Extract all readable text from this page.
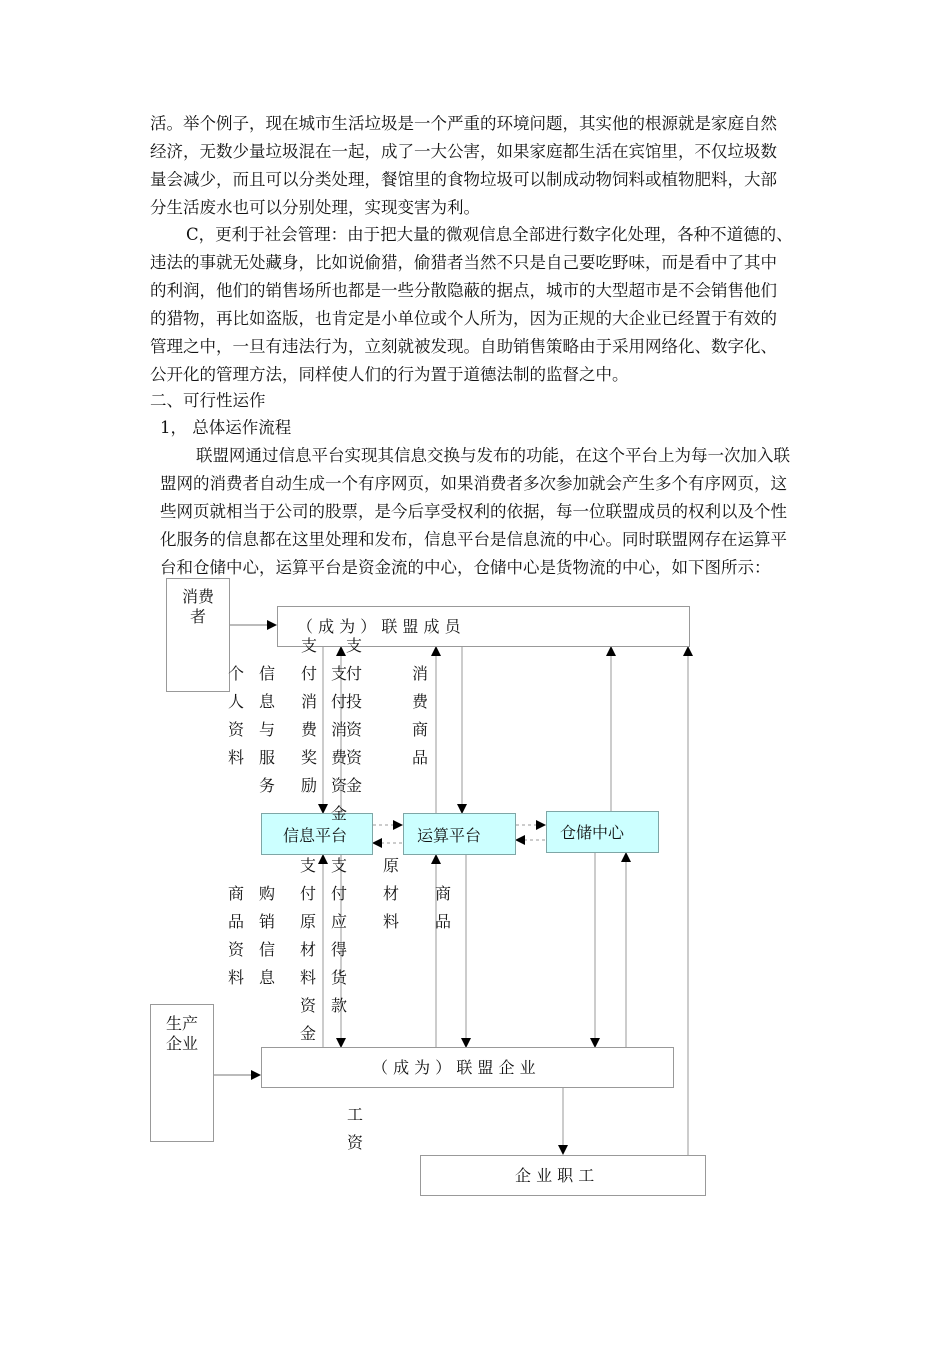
活。举个例子，现在城市生活垃圾是一个严重的环境问题，其实他的根源就是家庭自然
经济，无数少量垃圾混在一起，成了一大公害，如果家庭都生活在宾馆里，不仅垃圾数
量会减少，而且可以分类处理，餐馆里的食物垃圾可以制成动物饲料或植物肥料，大部
分生活废水也可以分别处理，实现变害为利。
C，更利于社会管理：由于把大量的微观信息全部进行数字化处理，各种不道德的、
违法的事就无处藏身，比如说偷猎，偷猎者当然不只是自己要吃野味，而是看中了其中
的利润，他们的销售场所也都是一些分散隐蔽的据点，城市的大型超市是不会销售他们
的猎物，再比如盗版，也肯定是小单位或个人所为，因为正规的大企业已经置于有效的
管理之中，一旦有违法行为，立刻就被发现。自助销售策略由于采用网络化、数字化、
公开化的管理方法，同样使人们的行为置于道德法制的监督之中。
二、可行性运作
1， 总体运作流程
联盟网通过信息平台实现其信息交换与发布的功能，在这个平台上为每一次加入联
盟网的消费者自动生成一个有序网页，如果消费者多次参加就会产生多个有序网页，这
些网页就相当于公司的股票，是今后享受权利的依据，每一位联盟成员的权利以及个性
化服务的信息都在这里处理和发布，信息平台是信息流的中心。同时联盟网存在运算平
台和仓储中心，运算平台是资金流的中心，仓储中心是货物流的中心，如下图所示：
消费者
（ 成 为 ） 联 盟 成 员
信息平台	运算平台	仓储中心
生产企业
（ 成 为 ） 联 盟 企 业
企 业 职 工
个人资料
信息与服务
支付消费奖励
支付消费资金
支付投资资金
消费商品
商品资料
购销信息
支付原材料资金
支付应得货款
原材料
商品
工资
